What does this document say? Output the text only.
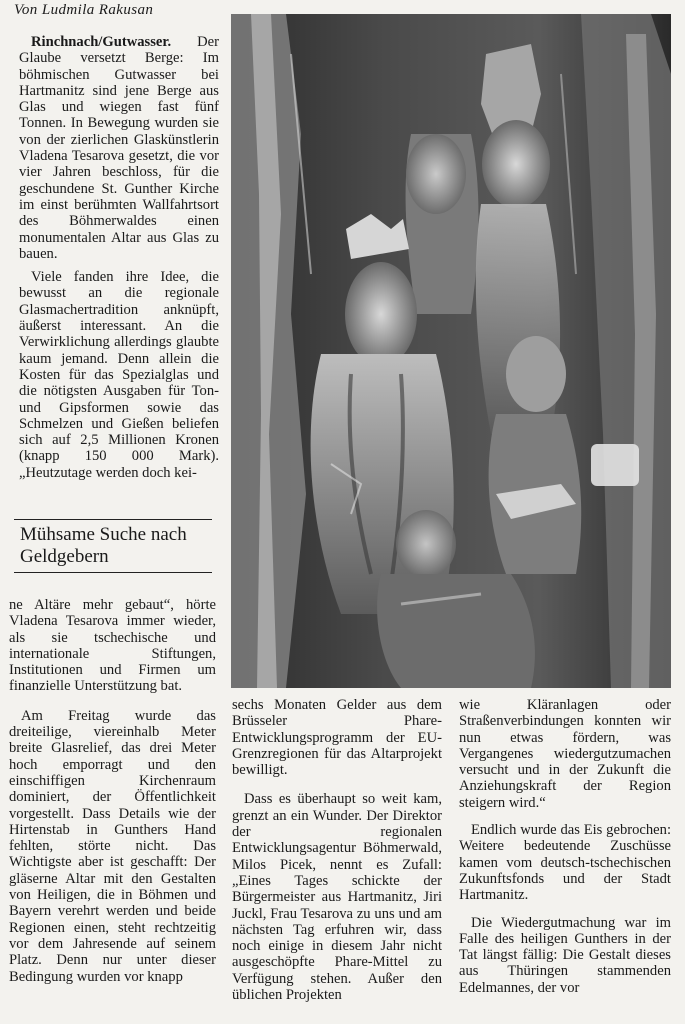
Von Ludmila Rakusan

Rinchnach/Gutwasser. Der Glaube versetzt Berge: Im böhmischen Gutwasser bei Hartmanitz sind jene Berge aus Glas und wiegen fast fünf Tonnen. In Bewegung wurden sie von der zierlichen Glaskünstlerin Vladena Tesarova gesetzt, die vor vier Jahren beschloss, für die geschundene St. Gunther Kirche im einst berühmten Wallfahrtsort des Böhmerwaldes einen monumentalen Altar aus Glas zu bauen.

Viele fanden ihre Idee, die bewusst an die regionale Glasmachertradition anknüpft, äußerst interessant. An die Verwirklichung allerdings glaubte kaum jemand. Denn allein die Kosten für das Spezialglas und die nötigsten Ausgaben für Ton- und Gipsformen sowie das Schmelzen und Gießen beliefen sich auf 2,5 Millionen Kronen (knapp 150 000 Mark). „Heutzutage werden doch kei-

Mühsame Suche nach Geldgebern

ne Altäre mehr gebaut“, hörte Vladena Tesarova immer wieder, als sie tschechische und internationale Stiftungen, Institutionen und Firmen um finanzielle Unterstützung bat.

Am Freitag wurde das dreiteilige, viereinhalb Meter breite Glasrelief, das drei Meter hoch emporragt und den einschiffigen Kirchenraum dominiert, der Öffentlichkeit vorgestellt. Dass Details wie der Hirtenstab in Gunthers Hand fehlten, störte nicht. Das Wichtigste aber ist geschafft: Der gläserne Altar mit den Gestalten von Heiligen, die in Böhmen und Bayern verehrt werden und beide Regionen einen, steht rechtzeitig vor dem Jahresende auf seinem Platz. Denn nur unter dieser Bedingung wurden vor knapp

sechs Monaten Gelder aus dem Brüsseler Phare-Entwicklungsprogramm der EU-Grenzregionen für das Altarprojekt bewilligt.

Dass es überhaupt so weit kam, grenzt an ein Wunder. Der Direktor der regionalen Entwicklungsagentur Böhmerwald, Milos Picek, nennt es Zufall: „Eines Tages schickte der Bürgermeister aus Hartmanitz, Jiri Juckl, Frau Tesarova zu uns und am nächsten Tag erfuhren wir, dass noch einige in diesem Jahr nicht ausgeschöpfte Phare-Mittel zu Verfügung stehen. Außer den üblichen Projekten

wie Kläranlagen oder Straßenverbindungen konnten wir nun etwas fördern, was Vergangenes wiedergutzumachen versucht und in der Zukunft die Anziehungskraft der Region steigern wird.“

Endlich wurde das Eis gebrochen: Weitere bedeutende Zuschüsse kamen vom deutsch-tschechischen Zukunftsfonds und der Stadt Hartmanitz.

Die Wiedergutmachung war im Falle des heiligen Gunthers in der Tat längst fällig: Die Gestalt dieses aus Thüringen stammenden Edelmannes, der vor
